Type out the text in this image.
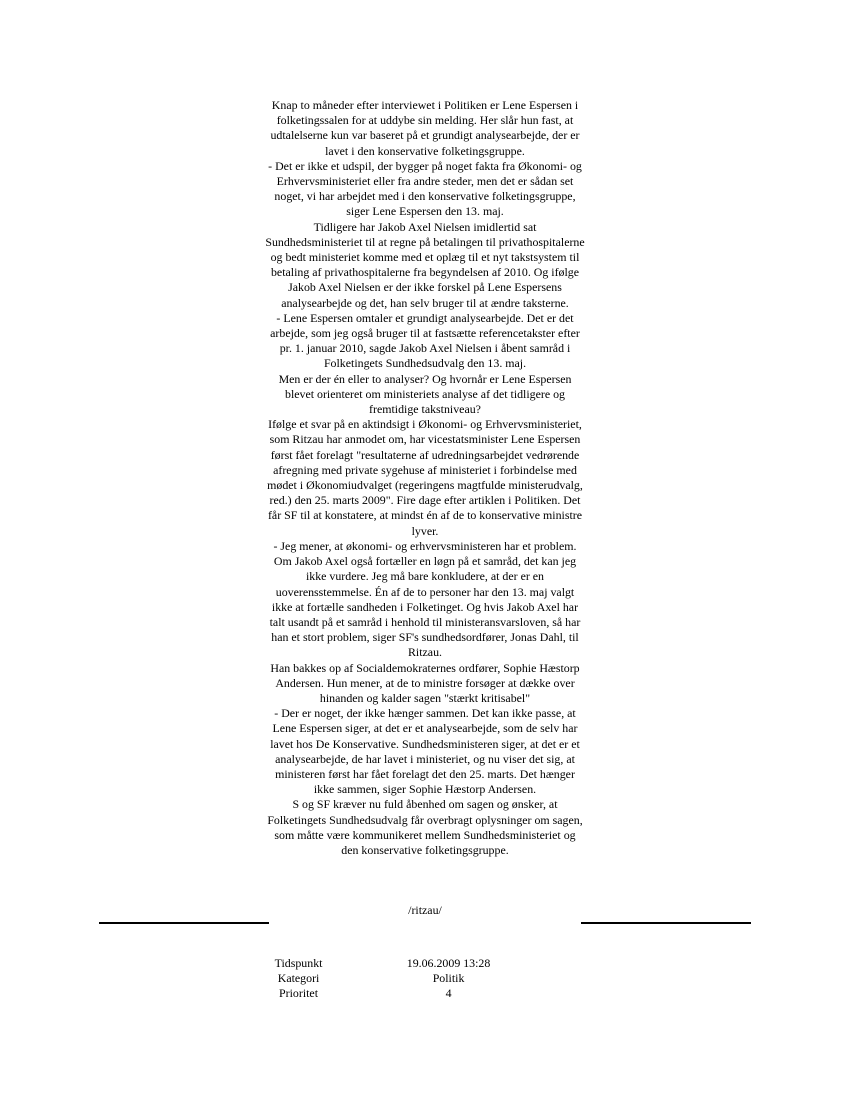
Knap to måneder efter interviewet i Politiken er Lene Espersen i folketingssalen for at uddybe sin melding. Her slår hun fast, at udtalelserne kun var baseret på et grundigt analysearbejde, der er lavet i den konservative folketingsgruppe.

- Det er ikke et udspil, der bygger på noget fakta fra Økonomi- og Erhvervsministeriet eller fra andre steder, men det er sådan set noget, vi har arbejdet med i den konservative folketingsgruppe, siger Lene Espersen den 13. maj.

Tidligere har Jakob Axel Nielsen imidlertid sat Sundhedsministeriet til at regne på betalingen til privathospitalerne og bedt ministeriet komme med et oplæg til et nyt takstsystem til betaling af privathospitalerne fra begyndelsen af 2010. Og ifølge Jakob Axel Nielsen er der ikke forskel på Lene Espersens analysearbejde og det, han selv bruger til at ændre taksterne.

- Lene Espersen omtaler et grundigt analysearbejde. Det er det arbejde, som jeg også bruger til at fastsætte referencetakster efter pr. 1. januar 2010, sagde Jakob Axel Nielsen i åbent samråd i Folketingets Sundhedsudvalg den 13. maj.

Men er der én eller to analyser? Og hvornår er Lene Espersen blevet orienteret om ministeriets analyse af det tidligere og fremtidige takstniveau?

Ifølge et svar på en aktindsigt i Økonomi- og Erhvervsministeriet, som Ritzau har anmodet om, har vicestatsminister Lene Espersen først fået forelagt "resultaterne af udredningsarbejdet vedrørende afregning med private sygehuse af ministeriet i forbindelse med mødet i Økonomiudvalget (regeringens magtfulde ministerudvalg, red.) den 25. marts 2009". Fire dage efter artiklen i Politiken. Det får SF til at konstatere, at mindst én af de to konservative ministre lyver.

- Jeg mener, at økonomi- og erhvervsministeren har et problem. Om Jakob Axel også fortæller en løgn på et samråd, det kan jeg ikke vurdere. Jeg må bare konkludere, at der er en uoverensstemmelse. Én af de to personer har den 13. maj valgt ikke at fortælle sandheden i Folketinget. Og hvis Jakob Axel har talt usandt på et samråd i henhold til ministeransvarsloven, så har han et stort problem, siger SF's sundhedsordfører, Jonas Dahl, til Ritzau.

Han bakkes op af Socialdemokraternes ordfører, Sophie Hæstorp Andersen. Hun mener, at de to ministre forsøger at dække over hinanden og kalder sagen "stærkt kritisabel"

- Der er noget, der ikke hænger sammen. Det kan ikke passe, at Lene Espersen siger, at det er et analysearbejde, som de selv har lavet hos De Konservative. Sundhedsministeren siger, at det er et analysearbejde, de har lavet i ministeriet, og nu viser det sig, at ministeren først har fået forelagt det den 25. marts. Det hænger ikke sammen, siger Sophie Hæstorp Andersen.

S og SF kræver nu fuld åbenhed om sagen og ønsker, at Folketingets Sundhedsudvalg får overbragt oplysninger om sagen, som måtte være kommunikeret mellem Sundhedsministeriet og den konservative folketingsgruppe.

/ritzau/
Tidspunkt	19.06.2009 13:28
Kategori	Politik
Prioritet	4
